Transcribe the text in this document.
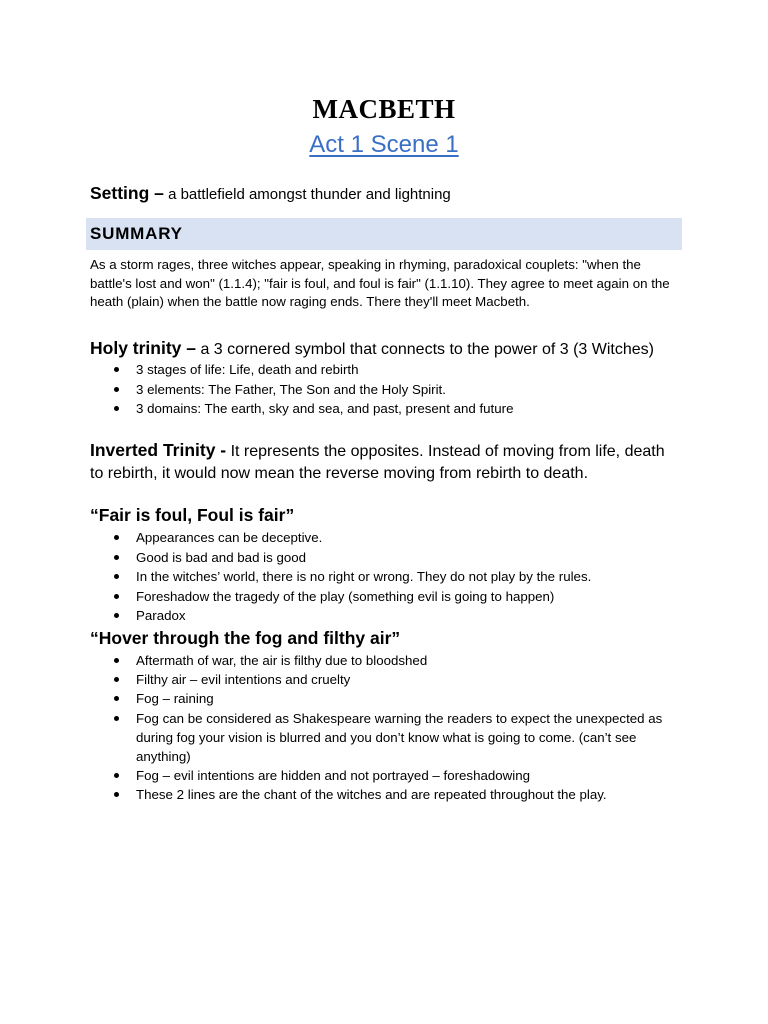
MACBETH
Act 1 Scene 1
Setting – a battlefield amongst thunder and lightning
SUMMARY
As a storm rages, three witches appear, speaking in rhyming, paradoxical couplets: "when the battle's lost and won" (1.1.4); "fair is foul, and foul is fair" (1.1.10). They agree to meet again on the heath (plain) when the battle now raging ends. There they'll meet Macbeth.
Holy trinity – a 3 cornered symbol that connects to the power of 3 (3 Witches)
3 stages of life: Life, death and rebirth
3 elements: The Father, The Son and the Holy Spirit.
3 domains: The earth, sky and sea, and past, present and future
Inverted Trinity - It represents the opposites. Instead of moving from life, death to rebirth, it would now mean the reverse moving from rebirth to death.
“Fair is foul, Foul is fair”
Appearances can be deceptive.
Good is bad and bad is good
In the witches’ world, there is no right or wrong. They do not play by the rules.
Foreshadow the tragedy of the play (something evil is going to happen)
Paradox
“Hover through the fog and filthy air”
Aftermath of war, the air is filthy due to bloodshed
Filthy air – evil intentions and cruelty
Fog – raining
Fog can be considered as Shakespeare warning the readers to expect the unexpected as during fog your vision is blurred and you don’t know what is going to come. (can’t see anything)
Fog – evil intentions are hidden and not portrayed – foreshadowing
These 2 lines are the chant of the witches and are repeated throughout the play.
